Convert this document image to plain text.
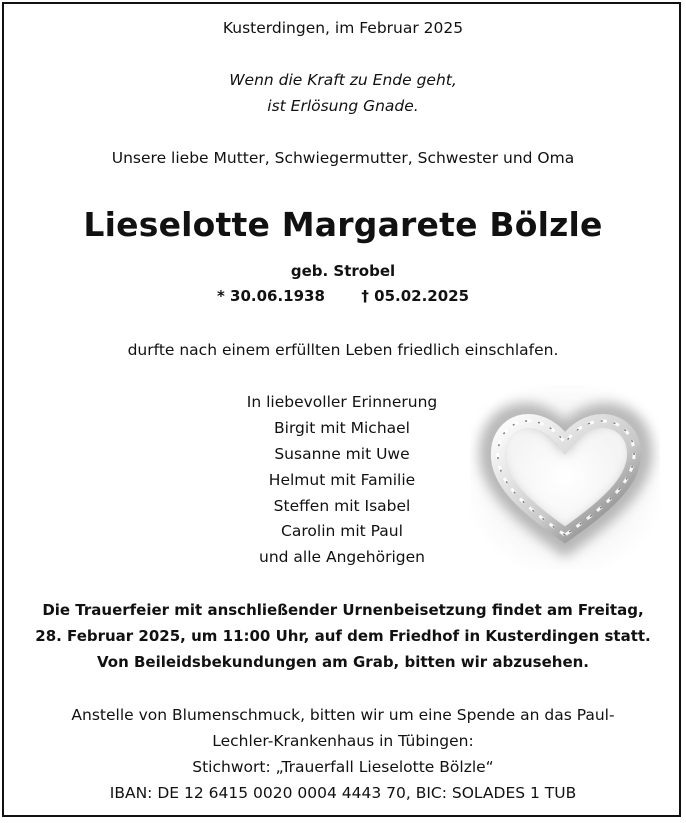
Kusterdingen, im Februar 2025
Wenn die Kraft zu Ende geht,
ist Erlösung Gnade.
Unsere liebe Mutter, Schwiegermutter, Schwester und Oma
Lieselotte Margarete Bölzle
geb. Strobel
* 30.06.1938 † 05.02.2025
durfte nach einem erfüllten Leben friedlich einschlafen.
In liebevoller Erinnerung
Birgit mit Michael
Susanne mit Uwe
Helmut mit Familie
Steffen mit Isabel
Carolin mit Paul
und alle Angehörigen
Die Trauerfeier mit anschließender Urnenbeisetzung findet am Freitag,
28. Februar 2025, um 11:00 Uhr, auf dem Friedhof in Kusterdingen statt.
Von Beileidsbekundungen am Grab, bitten wir abzusehen.
Anstelle von Blumenschmuck, bitten wir um eine Spende an das Paul-
Lechler-Krankenhaus in Tübingen:
Stichwort: „Trauerfall Lieselotte Bölzle“
IBAN: DE 12 6415 0020 0004 4443 70, BIC: SOLADES 1 TUB
